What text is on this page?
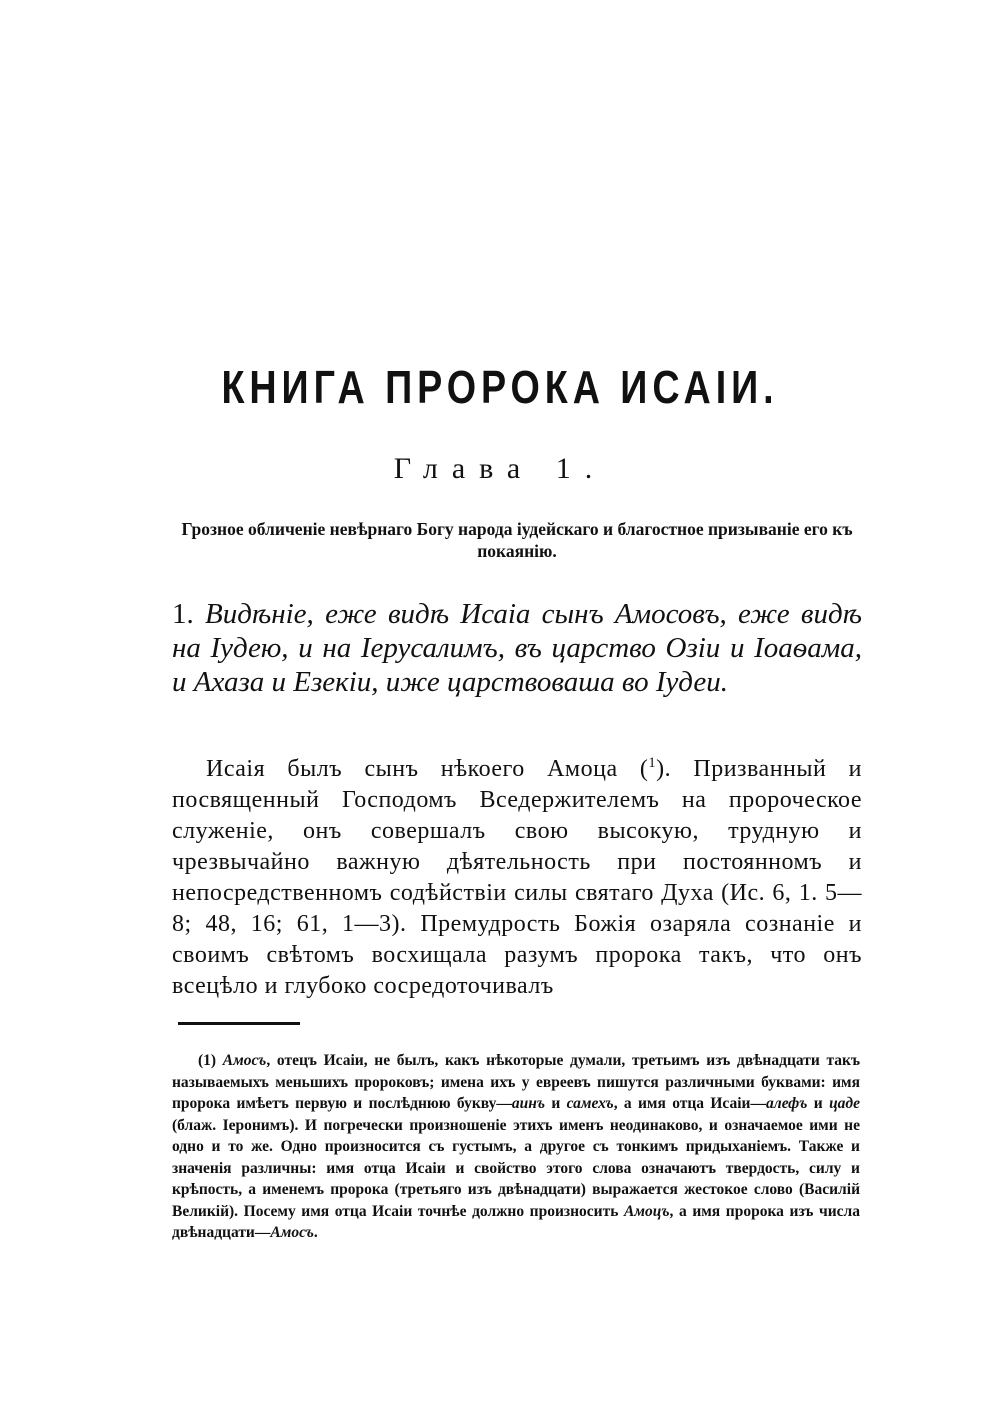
КНИГА ПРОРОКА ИСАIИ.
Глава 1.
Грозное обличеніе невѣрнаго Богу народа іудейскаго и благостное призываніе его къ покаянію.
1. Видѣніе, еже видѣ Исаіа сынъ Амосовъ, еже видѣ на Іудею, и на Іерусалимъ, въ царство Озіи и Іоаѳама, и Ахаза и Езекіи, иже царствоваша во Іудеи.
Исаія былъ сынъ нѣкоего Амоца ($^1$). Призванный и посвященный Господомъ Вседержителемъ на пророческое служеніе, онъ совершалъ свою высокую, трудную и чрезвычайно важную дѣятельность при постоянномъ и непосредственномъ содѣйствіи силы святаго Духа (Ис. 6, 1. 5—8; 48, 16; 61, 1—3). Премудрость Божія озаряла сознаніе и своимъ свѣтомъ восхищала разумъ пророка такъ, что онъ всецѣло и глубоко сосредоточивалъ
(1) Амосъ, отецъ Исаіи, не былъ, какъ нѣкоторые думали, третьимъ изъ двѣнадцати такъ называемыхъ меньшихъ пророковъ; имена ихъ у евреевъ пишутся различными буквами: имя пророка имѣетъ первую и послѣднюю букву—аинъ и самехъ, а имя отца Исаіи—алефъ и цаде (блаж. Іеронимъ). И погречески произношеніе этихъ именъ неодинаково, и означаемое ими не одно и то же. Одно произносится съ густымъ, а другое съ тонкимъ придыханіемъ. Также и значенія различны: имя отца Исаіи и свойство этого слова означаютъ твердость, силу и крѣпость, а именемъ пророка (третьяго изъ двѣнадцати) выражается жестокое слово (Василій Великій). Посему имя отца Исаіи точнѣе должно произносить Амоцъ, а имя пророка изъ числа двѣнадцати—Амосъ.
